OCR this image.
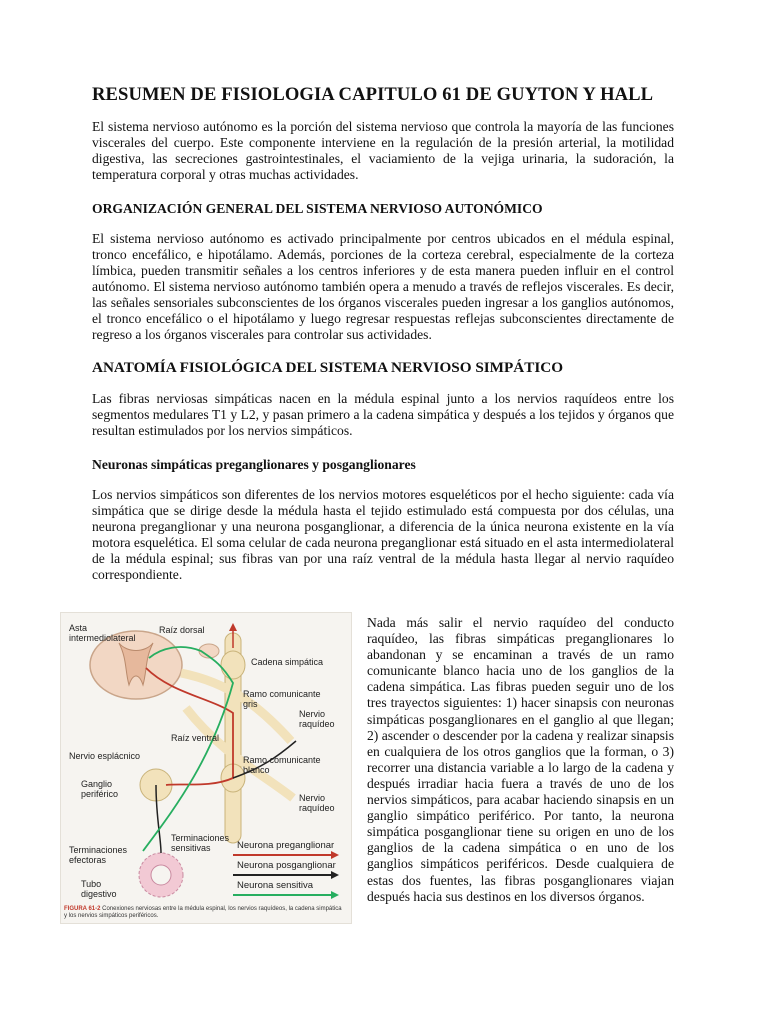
RESUMEN DE FISIOLOGIA CAPITULO 61 DE GUYTON Y HALL

El sistema nervioso autónomo es la porción del sistema nervioso que controla la mayoría de las funciones viscerales del cuerpo. Este componente interviene en la regulación de la presión arterial, la motilidad digestiva, las secreciones gastrointestinales, el vaciamiento de la vejiga urinaria, la sudoración, la temperatura corporal y otras muchas actividades.

ORGANIZACIÓN GENERAL DEL SISTEMA NERVIOSO AUTONÓMICO

El sistema nervioso autónomo es activado principalmente por centros ubicados en el médula espinal, tronco encefálico, e hipotálamo. Además, porciones de la corteza cerebral, especialmente de la corteza límbica, pueden transmitir señales a los centros inferiores y de esta manera pueden influir en el control autónomo. El sistema nervioso autónomo también opera a menudo a través de reflejos viscerales. Es decir, las señales sensoriales subconscientes de los órganos viscerales pueden ingresar a los ganglios autónomos, el tronco encefálico o el hipotálamo y luego regresar respuestas reflejas subconscientes directamente de regreso a los órganos viscerales para controlar sus actividades.

ANATOMÍA FISIOLÓGICA DEL SISTEMA NERVIOSO SIMPÁTICO

Las fibras nerviosas simpáticas nacen en la médula espinal junto a los nervios raquídeos entre los segmentos medulares T1 y L2, y pasan primero a la cadena simpática y después a los tejidos y órganos que resultan estimulados por los nervios simpáticos.

Neuronas simpáticas preganglionares y posganglionares

Los nervios simpáticos son diferentes de los nervios motores esqueléticos por el hecho siguiente: cada vía simpática que se dirige desde la médula hasta el tejido estimulado está compuesta por dos células, una neurona preganglionar y una neurona posganglionar, a diferencia de la única neurona existente en la vía motora esquelética. El soma celular de cada neurona preganglionar está situado en el asta intermediolateral de la médula espinal; sus fibras van por una raíz ventral de la médula hasta llegar al nervio raquídeo correspondiente.

Asta
intermediolateral
Raíz dorsal
Cadena simpática
Ramo comunicante
gris
Raíz ventral
Nervio
raquídeo
Nervio esplácnico	Ramo comunicante
blanco
Ganglio
periférico	Nervio
raquídeo
Terminaciones
sensitivas
Terminaciones
efectoras
Tubo
digestivo
Neurona preganglionar
Neurona posganglionar
Neurona sensitiva
FIGURA 61-2 Conexiones nerviosas entre la médula espinal, los nervios raquídeos, la cadena simpática y los nervios simpáticos periféricos.

Nada más salir el nervio raquídeo del conducto raquídeo, las fibras simpáticas preganglionares lo abandonan y se encaminan a través de un ramo comunicante blanco hacia uno de los ganglios de la cadena simpática. Las fibras pueden seguir uno de los tres trayectos siguientes: 1) hacer sinapsis con neuronas simpáticas posganglionares en el ganglio al que llegan; 2) ascender o descender por la cadena y realizar sinapsis en cualquiera de los otros ganglios que la forman, o 3) recorrer una distancia variable a lo largo de la cadena y después irradiar hacia fuera a través de uno de los nervios simpáticos, para acabar haciendo sinapsis en un ganglio simpático periférico. Por tanto, la neurona simpática posganglionar tiene su origen en uno de los ganglios de la cadena simpática o en uno de los ganglios simpáticos periféricos. Desde cualquiera de estas dos fuentes, las fibras posganglionares viajan después hacia sus destinos en los diversos órganos.
